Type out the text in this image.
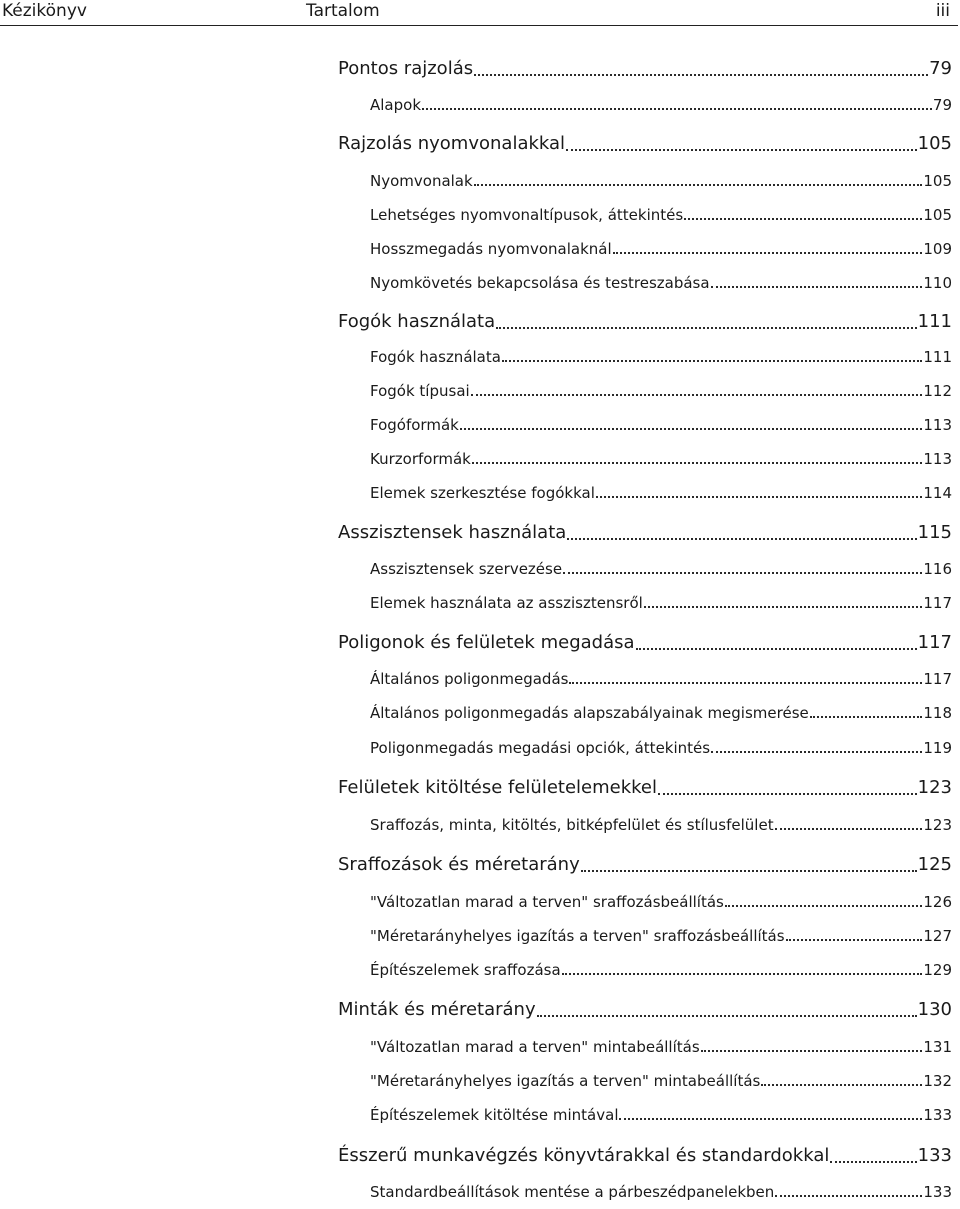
Kézikönyv	Tartalom	iii
Pontos rajzolás	79
Alapok	79
Rajzolás nyomvonalakkal	105
Nyomvonalak	105
Lehetséges nyomvonaltípusok, áttekintés	105
Hosszmegadás nyomvonalaknál	109
Nyomkövetés bekapcsolása és testreszabása	110
Fogók használata	111
Fogók használata	111
Fogók típusai	112
Fogóformák	113
Kurzorformák	113
Elemek szerkesztése fogókkal	114
Asszisztensek használata	115
Asszisztensek szervezése	116
Elemek használata az asszisztensről	117
Poligonok és felületek megadása	117
Általános poligonmegadás	117
Általános poligonmegadás alapszabályainak megismerése	118
Poligonmegadás megadási opciók, áttekintés	119
Felületek kitöltése felületelemekkel	123
Sraffozás, minta, kitöltés, bitképfelület és stílusfelület	123
Sraffozások és méretarány	125
"Változatlan marad a terven" sraffozásbeállítás	126
"Méretarányhelyes igazítás a terven" sraffozásbeállítás	127
Építészelemek sraffozása	129
Minták és méretarány	130
"Változatlan marad a terven" mintabeállítás	131
"Méretarányhelyes igazítás a terven" mintabeállítás	132
Építészelemek kitöltése mintával	133
Ésszerű munkavégzés könyvtárakkal és standardokkal	133
Standardbeállítások mentése a párbeszédpanelekben	133
